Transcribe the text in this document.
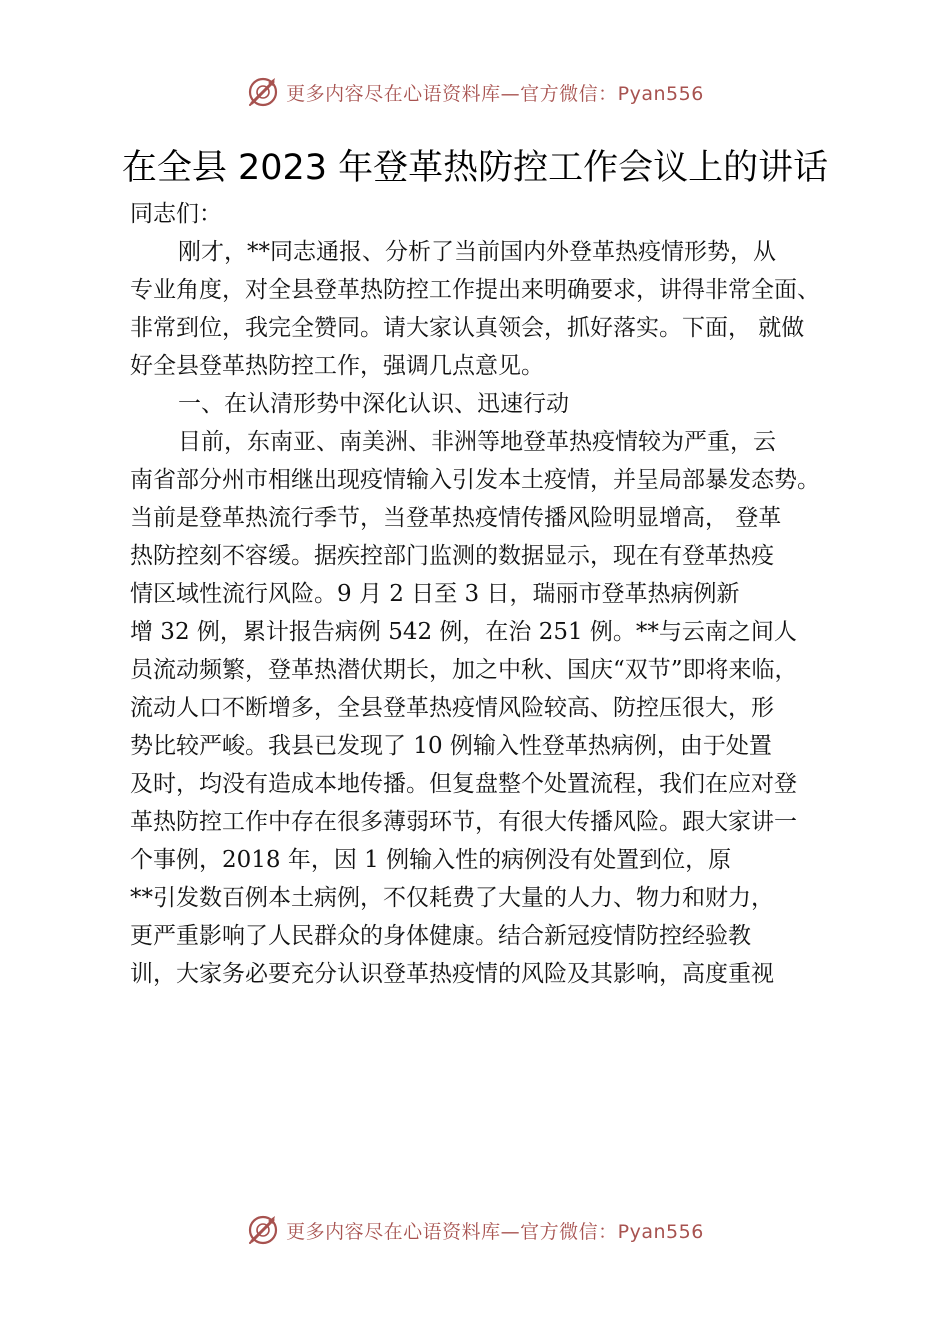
更多内容尽在心语资料库—官方微信：Pyan556
在全县 2023 年登革热防控工作会议上的讲话
同志们：
刚才，**同志通报、分析了当前国内外登革热疫情形势，从
专业角度，对全县登革热防控工作提出来明确要求，讲得非常全面、
非常到位，我完全赞同。请大家认真领会，抓好落实。下面， 就做
好全县登革热防控工作，强调几点意见。
一、在认清形势中深化认识、迅速行动
目前，东南亚、南美洲、非洲等地登革热疫情较为严重，云
南省部分州市相继出现疫情输入引发本土疫情，并呈局部暴发态势。
当前是登革热流行季节，当登革热疫情传播风险明显增高， 登革
热防控刻不容缓。据疾控部门监测的数据显示，现在有登革热疫
情区域性流行风险。9 月 2 日至 3 日，瑞丽市登革热病例新
增 32 例，累计报告病例 542 例，在治 251 例。**与云南之间人
员流动频繁，登革热潜伏期长，加之中秋、国庆“双节”即将来临，
流动人口不断增多，全县登革热疫情风险较高、防控压很大，形
势比较严峻。我县已发现了 10 例输入性登革热病例，由于处置
及时，均没有造成本地传播。但复盘整个处置流程，我们在应对登
革热防控工作中存在很多薄弱环节，有很大传播风险。跟大家讲一
个事例，2018 年，因 1 例输入性的病例没有处置到位，原
**引发数百例本土病例，不仅耗费了大量的人力、物力和财力，
更严重影响了人民群众的身体健康。结合新冠疫情防控经验教
训，大家务必要充分认识登革热疫情的风险及其影响，高度重视
更多内容尽在心语资料库—官方微信：Pyan556
